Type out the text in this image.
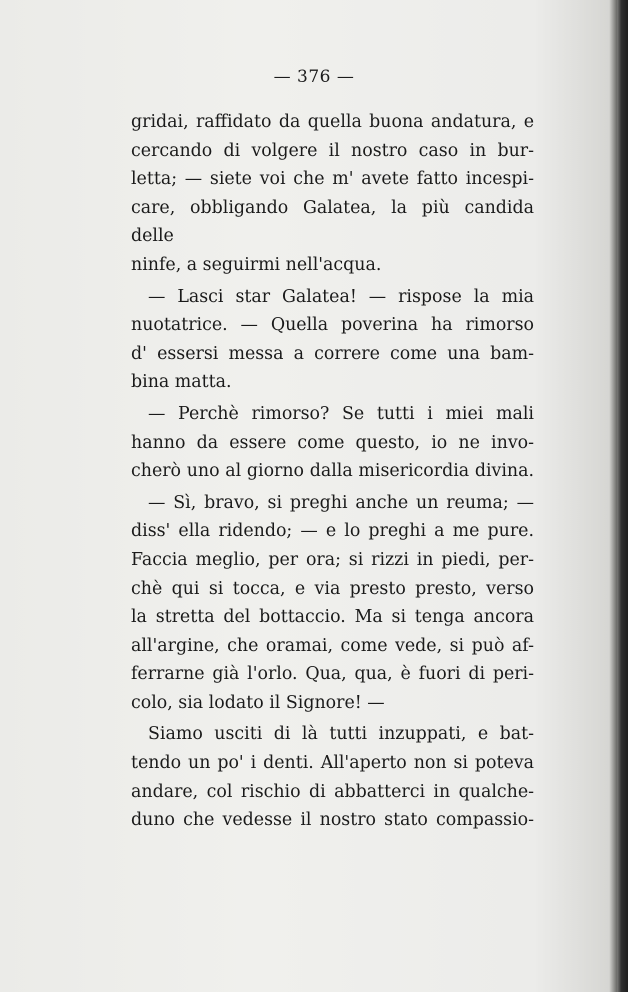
— 376 —
gridai, raffidato da quella buona andatura, e
cercando di volgere il nostro caso in bur-
letta; — siete voi che m' avete fatto incespi-
care, obbligando Galatea, la più candida delle
ninfe, a seguirmi nell'acqua.
— Lasci star Galatea! — rispose la mia
nuotatrice. — Quella poverina ha rimorso
d' essersi messa a correre come una bam-
bina matta.
— Perchè rimorso? Se tutti i miei mali
hanno da essere come questo, io ne invo-
cherò uno al giorno dalla misericordia divina.
— Sì, bravo, si preghi anche un reuma; —
diss' ella ridendo; — e lo preghi a me pure.
Faccia meglio, per ora; si rizzi in piedi, per-
chè qui si tocca, e via presto presto, verso
la stretta del bottaccio. Ma si tenga ancora
all'argine, che oramai, come vede, si può af-
ferrarne già l'orlo. Qua, qua, è fuori di peri-
colo, sia lodato il Signore! —
Siamo usciti di là tutti inzuppati, e bat-
tendo un po' i denti. All'aperto non si poteva
andare, col rischio di abbatterci in qualche-
duno che vedesse il nostro stato compassio-
